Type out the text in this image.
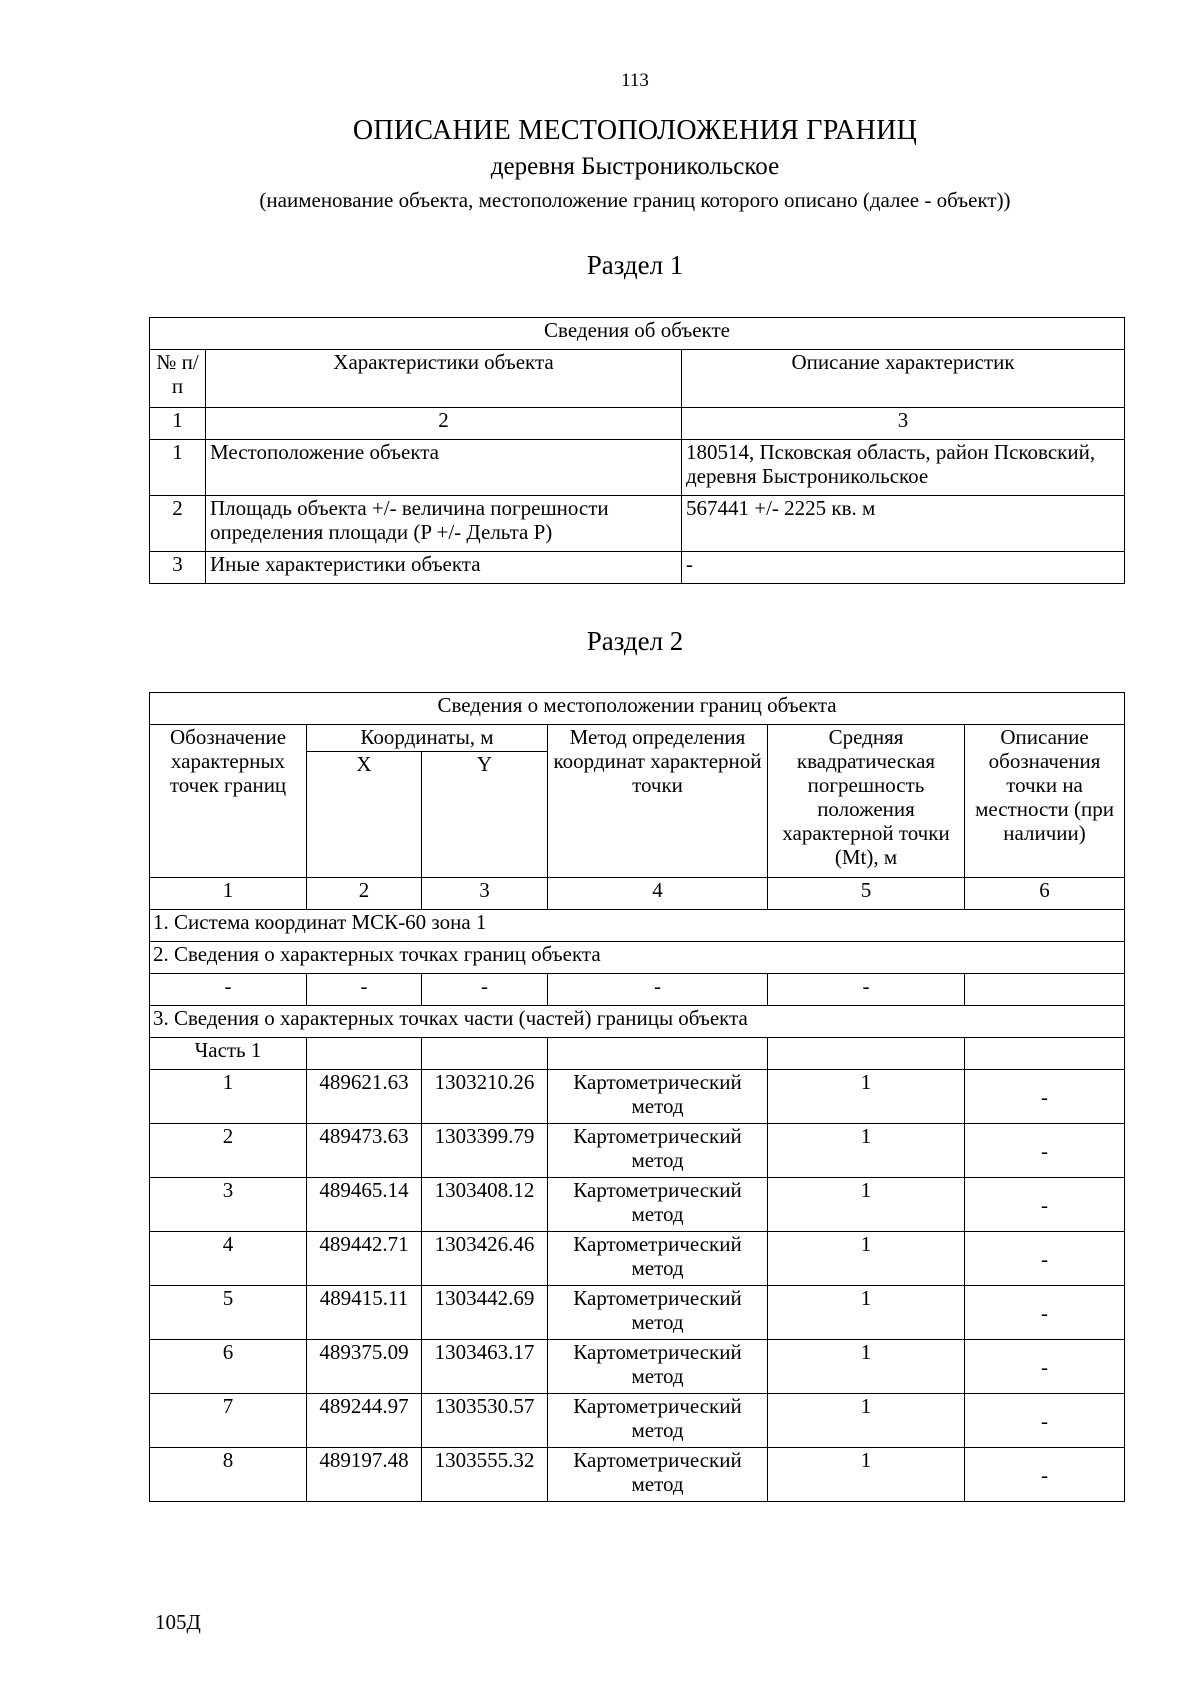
113
ОПИСАНИЕ МЕСТОПОЛОЖЕНИЯ ГРАНИЦ
деревня Быстроникольское
(наименование объекта, местоположение границ которого описано (далее - объект))
Раздел 1
Сведения об объекте		
№ п/п	Характеристики объекта	Описание характеристик
1	2	3
1	Местоположение объекта	180514, Псковская область, район Псковский, деревня Быстроникольское
2	Площадь объекта +/- величина погрешности определения площади (P +/- Дельта P)	567441 +/- 2225 кв. м
3	Иные характеристики объекта	-
Раздел 2
Сведения о местоположении границ объекта					
Обозначение характерных точек границ	Координаты, м		Метод определения координат характерной точки	Средняя квадратическая погрешность положения характерной точки (Mt), м	Описание обозначения точки на местности (при наличии)
	X	Y			
1	2	3	4	5	6
1. Система координат МСК-60 зона 1					
2. Сведения о характерных точках границ объекта					
-	-	-	-	-	
3. Сведения о характерных точках части (частей) границы объекта					
Часть 1					
1	489621.63	1303210.26	Картометрический метод	1	-
2	489473.63	1303399.79	Картометрический метод	1	-
3	489465.14	1303408.12	Картометрический метод	1	-
4	489442.71	1303426.46	Картометрический метод	1	-
5	489415.11	1303442.69	Картометрический метод	1	-
6	489375.09	1303463.17	Картометрический метод	1	-
7	489244.97	1303530.57	Картометрический метод	1	-
8	489197.48	1303555.32	Картометрический метод	1	-
105Д
